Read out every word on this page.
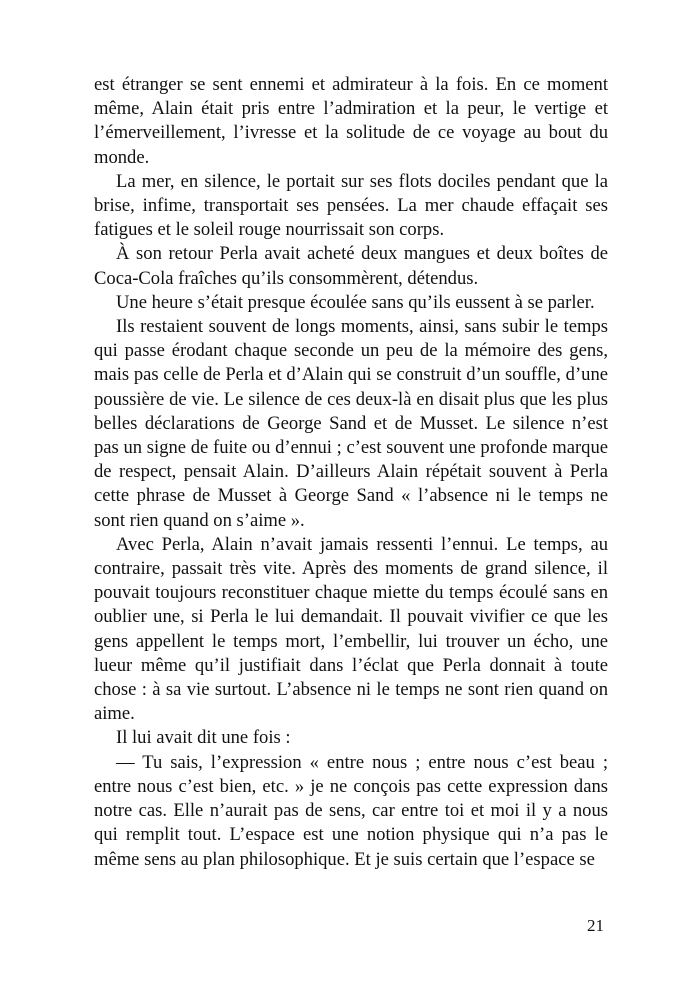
est étranger se sent ennemi et admirateur à la fois. En ce moment même, Alain était pris entre l’admiration et la peur, le vertige et l’émerveillement, l’ivresse et la solitude de ce voyage au bout du monde.

La mer, en silence, le portait sur ses flots dociles pendant que la brise, infime, transportait ses pensées. La mer chaude effaçait ses fatigues et le soleil rouge nourrissait son corps.

À son retour Perla avait acheté deux mangues et deux boîtes de Coca-Cola fraîches qu’ils consommèrent, détendus.

Une heure s’était presque écoulée sans qu’ils eussent à se parler.

Ils restaient souvent de longs moments, ainsi, sans subir le temps qui passe érodant chaque seconde un peu de la mémoire des gens, mais pas celle de Perla et d’Alain qui se construit d’un souffle, d’une poussière de vie. Le silence de ces deux-là en disait plus que les plus belles déclarations de George Sand et de Musset. Le silence n’est pas un signe de fuite ou d’ennui ; c’est souvent une profonde marque de respect, pensait Alain. D’ailleurs Alain répétait souvent à Perla cette phrase de Musset à George Sand « l’absence ni le temps ne sont rien quand on s’aime ».

Avec Perla, Alain n’avait jamais ressenti l’ennui. Le temps, au contraire, passait très vite. Après des moments de grand silence, il pouvait toujours reconstituer chaque miette du temps écoulé sans en oublier une, si Perla le lui demandait. Il pouvait vivifier ce que les gens appellent le temps mort, l’embellir, lui trouver un écho, une lueur même qu’il justifiait dans l’éclat que Perla donnait à toute chose : à sa vie surtout. L’absence ni le temps ne sont rien quand on aime.

Il lui avait dit une fois :

— Tu sais, l’expression « entre nous ; entre nous c’est beau ; entre nous c’est bien, etc. » je ne conçois pas cette expression dans notre cas. Elle n’aurait pas de sens, car entre toi et moi il y a nous qui remplit tout. L’espace est une notion physique qui n’a pas le même sens au plan philosophique. Et je suis certain que l’espace se

21
